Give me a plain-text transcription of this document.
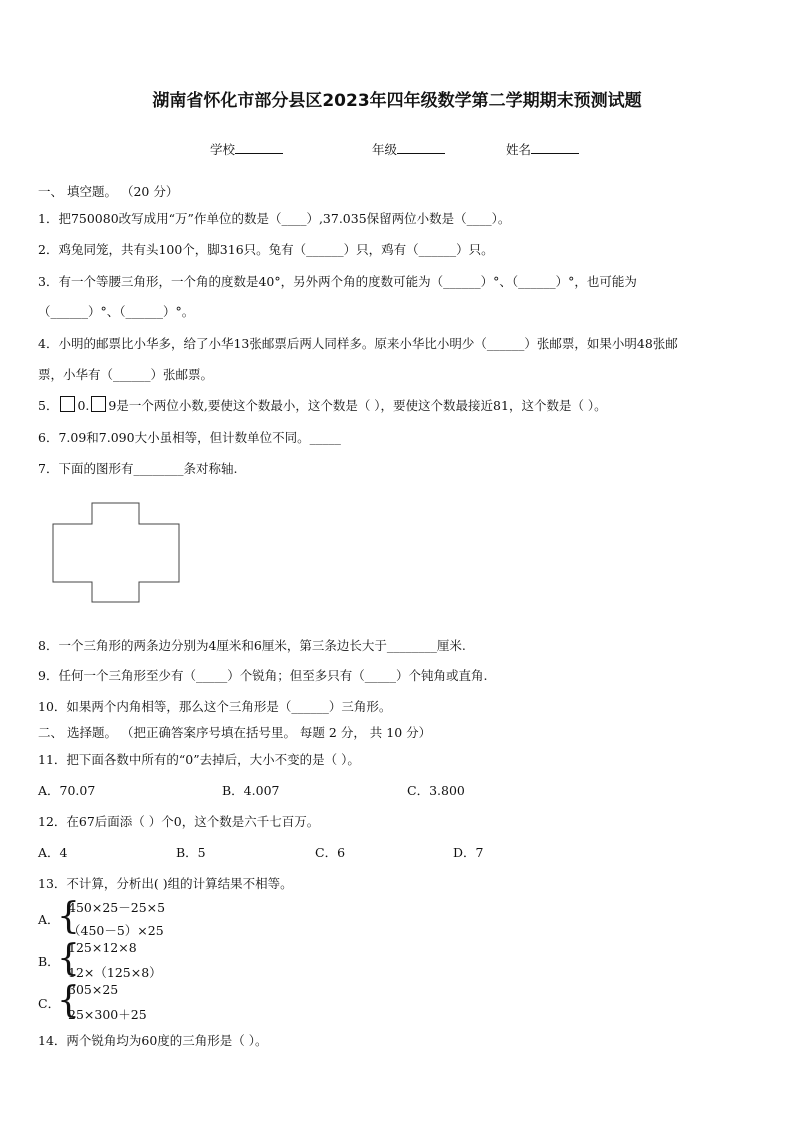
湖南省怀化市部分县区2023年四年级数学第二学期期末预测试题
学校	年级	姓名
一、 填空题。 （20 分）
1．把750080改写成用“万”作单位的数是（____）,37.035保留两位小数是（____）。
2．鸡兔同笼，共有头100个，脚316只。兔有（______）只，鸡有（______）只。
3．有一个等腰三角形，一个角的度数是40°，另外两个角的度数可能为（______）°、（______）°，也可能为
（______）°、（______）°。
4．小明的邮票比小华多，给了小华13张邮票后两人同样多。原来小华比小明少（______）张邮票，如果小明48张邮
票，小华有（______）张邮票。
5． 0. 9是一个两位小数,要使这个数最小，这个数是（ ），要使这个数最接近81，这个数是（ ）。
6．7.09和7.090大小虽相等，但计数单位不同。_____
7．下面的图形有________条对称轴.
8．一个三角形的两条边分别为4厘米和6厘米，第三条边长大于________厘米.
9．任何一个三角形至少有（_____）个锐角；但至多只有（_____）个钝角或直角.
10．如果两个内角相等，那么这个三角形是（______）三角形。
二、 选择题。 （把正确答案序号填在括号里。 每题 2 分， 共 10 分）
11．把下面各数中所有的“0”去掉后，大小不变的是（ ）。
A．70.07	B．4.007	C．3.800
12．在67后面添（ ）个0，这个数是六千七百万。
A．4	B．5	C．6	D．7
13．不计算，分析出( )组的计算结果不相等。
A．
{
450×25－25×5
（450－5）×25
B．
{
125×12×8
12×（125×8）
C．
{
305×25
25×300＋25
14．两个锐角均为60度的三角形是（ ）。
